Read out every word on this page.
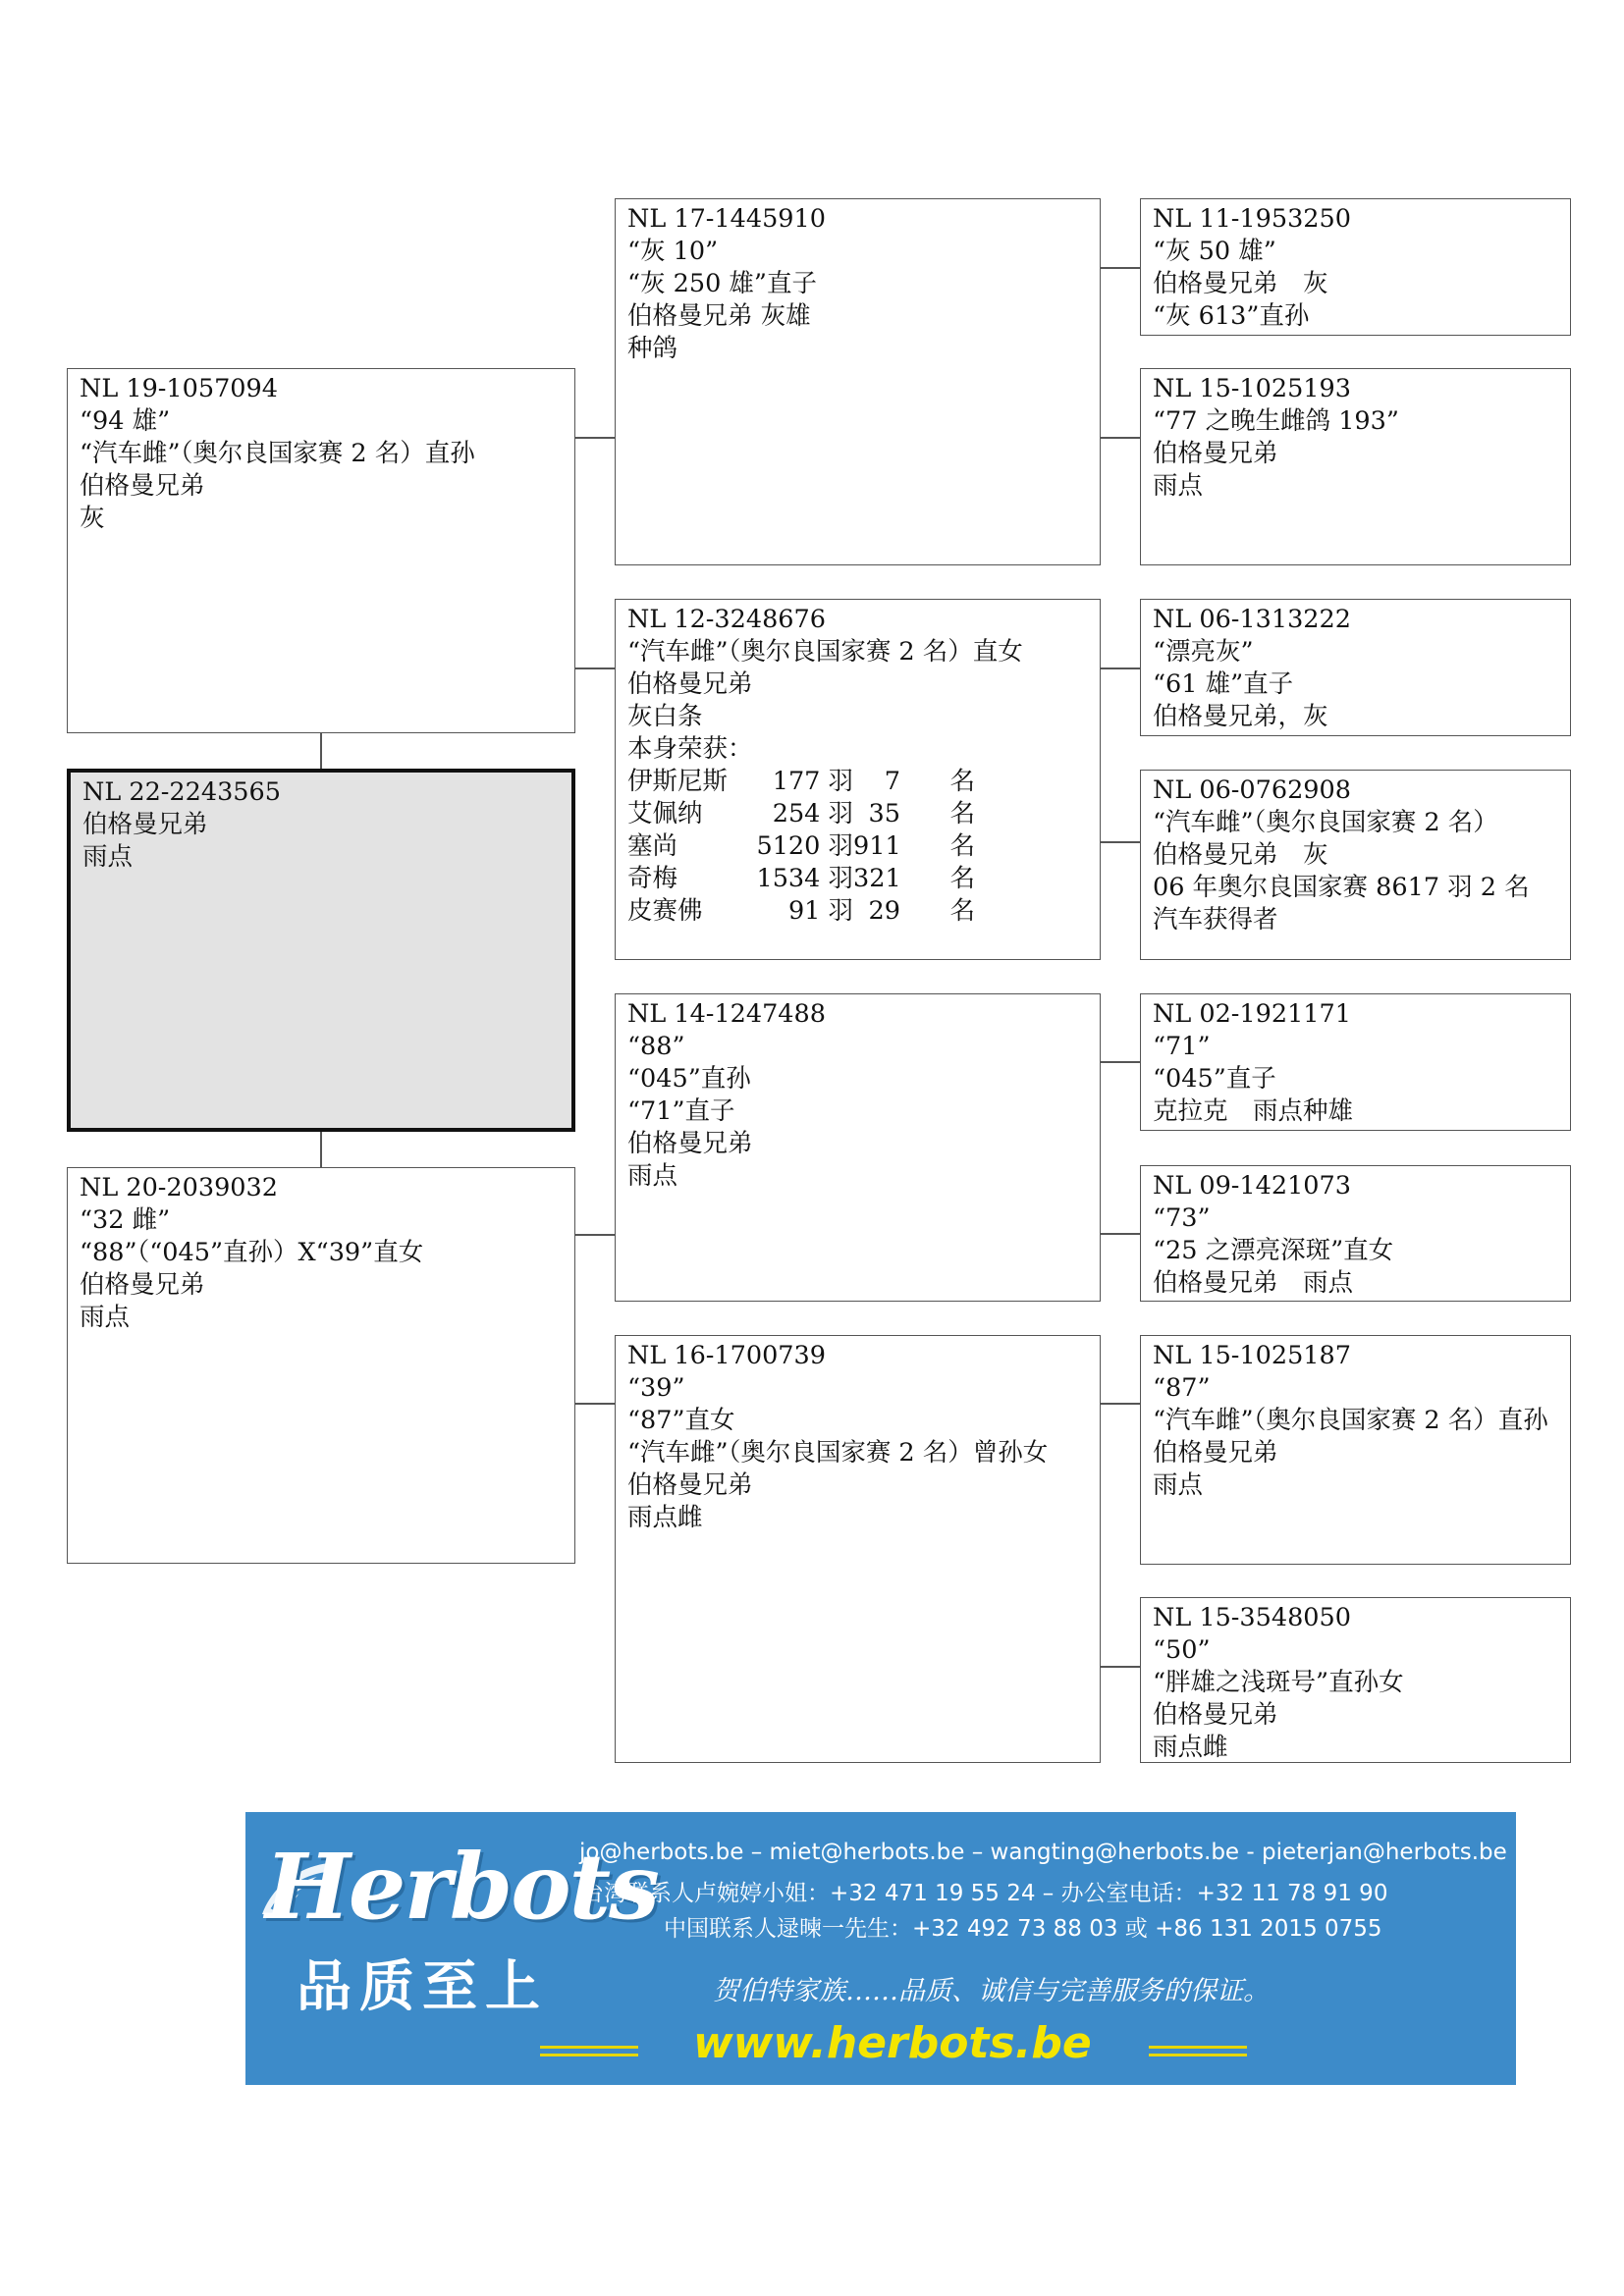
NL 19-1057094
“94 雄”
“汽车雌”（奥尔良国家赛 2 名）直孙
伯格曼兄弟
灰
NL 22-2243565
伯格曼兄弟
雨点
NL 20-2039032
“32 雌”
“88”（“045”直孙）X“39”直女
伯格曼兄弟
雨点
NL 17-1445910
“灰 10”
“灰 250 雄”直子
伯格曼兄弟 灰雄
种鸽
NL 12-3248676
“汽车雌”（奥尔良国家赛 2 名）直女
伯格曼兄弟
灰白条
本身荣获：
伊斯尼斯	177 羽	7	名
艾佩纳	254 羽 35	名
塞尚	5120 羽 911	名
奇梅	1534 羽 321	名
皮赛佛	91 羽 29	名
NL 14-1247488
“88”
“045”直孙
“71”直子
伯格曼兄弟
雨点
NL 16-1700739
“39”
“87”直女
“汽车雌”（奥尔良国家赛 2 名）曾孙女
伯格曼兄弟
雨点雌
NL 11-1953250
“灰 50 雄”
伯格曼兄弟　灰
“灰 613”直孙
NL 15-1025193
“77 之晚生雌鸽 193”
伯格曼兄弟
雨点
NL 06-1313222
“漂亮灰”
“61 雄”直子
伯格曼兄弟，灰
NL 06-0762908
“汽车雌”（奥尔良国家赛 2 名）
伯格曼兄弟　灰
06 年奥尔良国家赛 8617 羽 2 名
汽车获得者
NL 02-1921171
“71”
“045”直子
克拉克　雨点种雄
NL 09-1421073
“73”
“25 之漂亮深斑”直女
伯格曼兄弟　雨点
NL 15-1025187
“87”
“汽车雌”（奥尔良国家赛 2 名）直孙
伯格曼兄弟
雨点
NL 15-3548050
“50”
“胖雄之浅斑号”直孙女
伯格曼兄弟
雨点雌
Herbots
品质至上
jo@herbots.be – miet@herbots.be – wangting@herbots.be - pieterjan@herbots.be
台湾联系人卢婉婷小姐：+32 471 19 55 24 – 办公室电话：+32 11 78 91 90
中国联系人逯暕一先生：+32 492 73 88 03 或 +86 131 2015 0755
贺伯特家族……品质、诚信与完善服务的保证。
www.herbots.be
